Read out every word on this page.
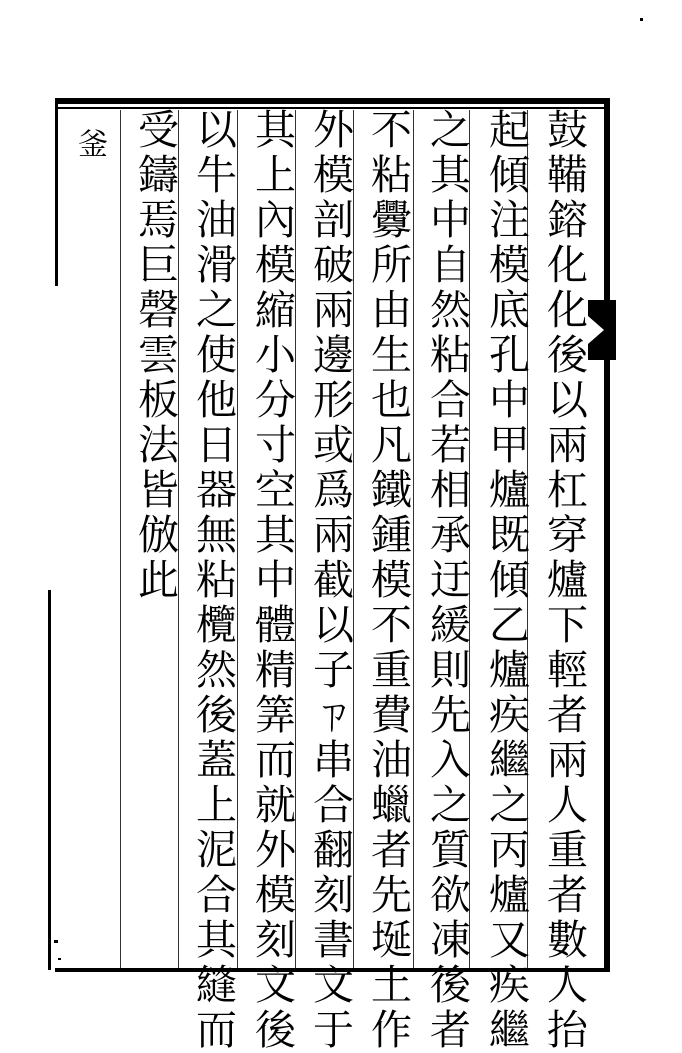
鼓鞴鎔化化後以兩杠穿爐下輕者兩人重者數人抬
起傾注模底孔中甲爐既傾乙爐疾繼之丙爐又疾繼
之其中自然粘合若相承迂緩則先入之質欲凍後者
不粘釁所由生也凡鐵鍾模不重費油蠟者先埏土作
外模剖破兩邊形或爲兩截以子ㄗ串合翻刻書文于
其上內模縮小分寸空其中體精筭而就外模刻文後
以牛油滑之使他日器無粘欖然後蓋上泥合其縫而
受鑄焉巨磬雲板法皆倣此
釜
